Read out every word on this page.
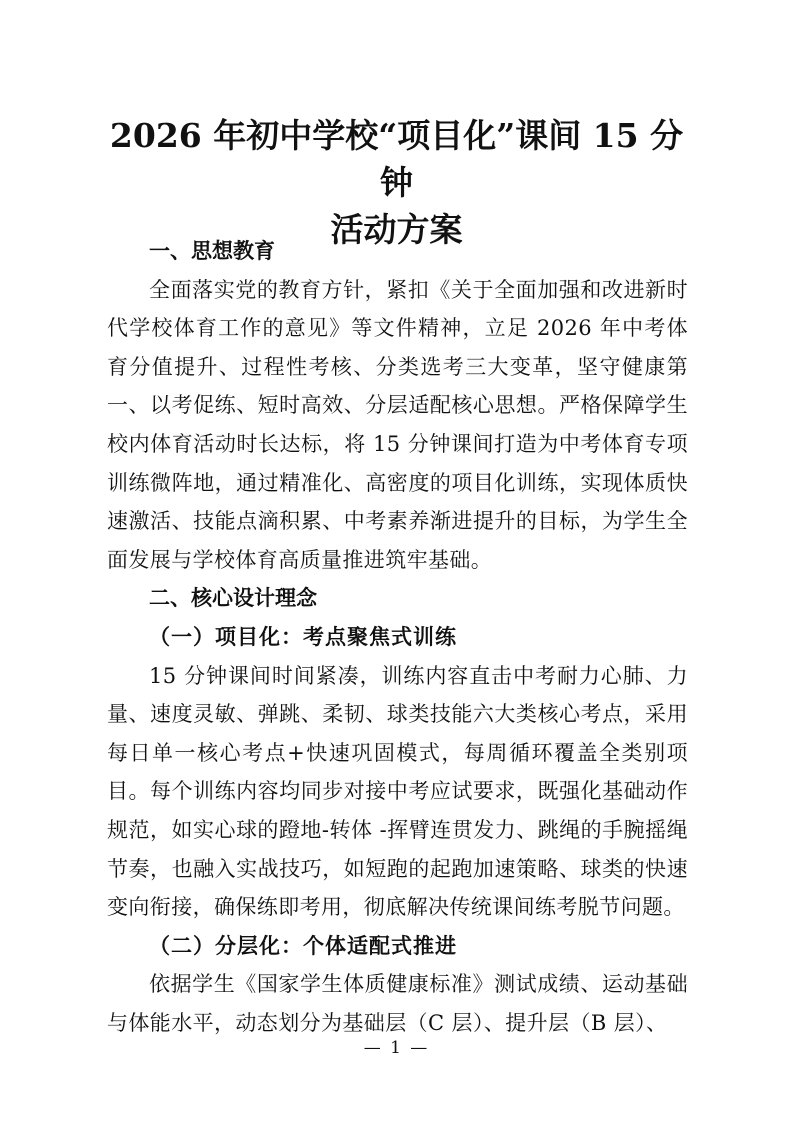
2026 年初中学校“项目化”课间 15 分钟
活动方案

一、思想教育

全面落实党的教育方针，紧扣《关于全面加强和改进新时代学校体育工作的意见》等文件精神，立足 2026 年中考体育分值提升、过程性考核、分类选考三大变革，坚守健康第一、以考促练、短时高效、分层适配核心思想。严格保障学生校内体育活动时长达标，将 15 分钟课间打造为中考体育专项训练微阵地，通过精准化、高密度的项目化训练，实现体质快速激活、技能点滴积累、中考素养渐进提升的目标，为学生全面发展与学校体育高质量推进筑牢基础。

二、核心设计理念

（一）项目化：考点聚焦式训练

15 分钟课间时间紧凑，训练内容直击中考耐力心肺、力量、速度灵敏、弹跳、柔韧、球类技能六大类核心考点，采用每日单一核心考点+快速巩固模式，每周循环覆盖全类别项目。每个训练内容均同步对接中考应试要求，既强化基础动作规范，如实心球的蹬地-转体 -挥臂连贯发力、跳绳的手腕摇绳节奏，也融入实战技巧，如短跑的起跑加速策略、球类的快速变向衔接，确保练即考用，彻底解决传统课间练考脱节问题。

（二）分层化：个体适配式推进

依据学生《国家学生体质健康标准》测试成绩、运动基础与体能水平，动态划分为基础层（C 层）、提升层（B 层）、

— 1 —
